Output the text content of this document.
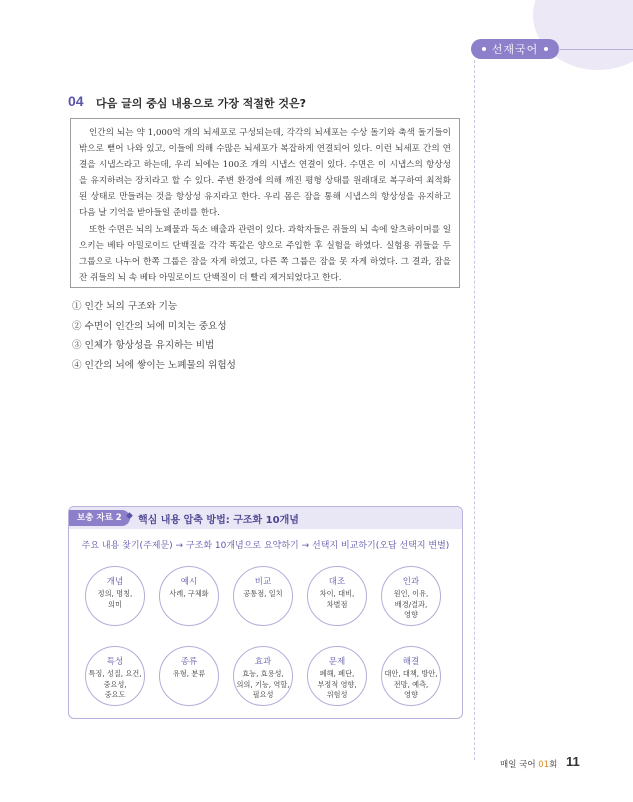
선재국어
04 다음 글의 중심 내용으로 가장 적절한 것은?

인간의 뇌는 약 1,000억 개의 뇌세포로 구성되는데, 각각의 뇌세포는 수상 돌기와 축색 돌기들이 밖으로 뻗어 나와 있고, 이들에 의해 수많은 뇌세포가 복잡하게 연결되어 있다. 이런 뇌세포 간의 연결을 시냅스라고 하는데, 우리 뇌에는 100조 개의 시냅스 연결이 있다. 수면은 이 시냅스의 항상성을 유지하려는 장치라고 할 수 있다. 주변 환경에 의해 깨진 평형 상태를 원래대로 복구하여 최적화된 상태로 만들려는 것을 항상성 유지라고 한다. 우리 몸은 잠을 통해 시냅스의 항상성을 유지하고 다음 날 기억을 받아들일 준비를 한다.

또한 수면은 뇌의 노폐물과 독소 배출과 관련이 있다. 과학자들은 쥐들의 뇌 속에 알츠하이머를 일으키는 베타 아밀로이드 단백질을 각각 똑같은 양으로 주입한 후 실험을 하였다. 실험용 쥐들을 두 그룹으로 나누어 한쪽 그룹은 잠을 자게 하였고, 다른 쪽 그룹은 잠을 못 자게 하였다. 그 결과, 잠을 잔 쥐들의 뇌 속 베타 아밀로이드 단백질이 더 빨리 제거되었다고 한다.

① 인간 뇌의 구조와 기능
② 수면이 인간의 뇌에 미치는 중요성
③ 인체가 항상성을 유지하는 비법
④ 인간의 뇌에 쌓이는 노폐물의 위험성
보충 자료 2 ◆ 핵심 내용 압축 방법: 구조화 10개념
주요 내용 찾기(주제문) → 구조화 10개념으로 요약하기 → 선택지 비교하기(오답 선택지 변별)
개념
정의, 명칭,
의미
예시
사례, 구체화
비교
공통점, 일치
대조
차이, 대비,
차별점
인과
원인, 이유,
배경/결과,
영향
특성
특징, 성질, 요건,
중요성,
중요도
종류
유형, 분류
효과
효능, 효용성,
의의, 기능, 역할,
필요성
문제
폐해, 폐단,
부정적 영향,
위험성
해결
대안, 대책, 방안,
전망, 예측,
영향
매일 국어 01회 11
